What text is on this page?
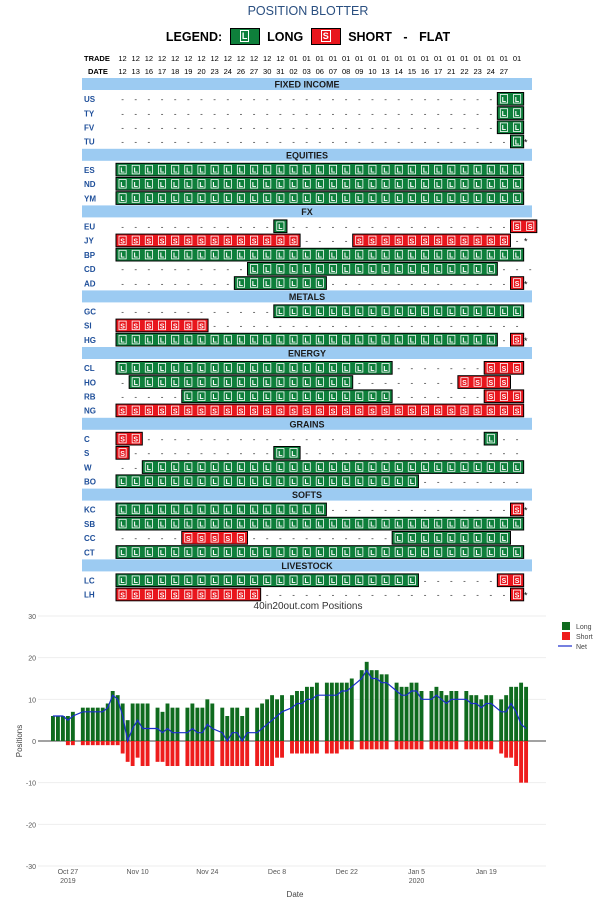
POSITION BLOTTER
LEGEND: L LONG S SHORT - FLAT
TRADE
DATE
12 12 12 12 12 12 12 12 12 12 12 12 12 01 01 01 01 01 01 01 01 01 01 01 01 01 01 01 01 01 01
12 13 16 17 18 19 20 23 24 26 27 30 31 02 03 06 07 08 09 10 13 14 15 16 17 21 22 23 24 27
FIXED INCOME
US	- - - - - - - - - - - - - - - - - - - - - - - - - - - - - L L
TY	- - - - - - - - - - - - - - - - - - - - - - - - - - - - - L L
FV	- - - - - - - - - - - - - - - - - - - - - - - - - - - - - L L
TU	- - - - - - - - - - - - - - - - - - - - - - - - - - - - - - L *
EQUITIES
ES	L L L L L L L L L L L L L L L L L L L L L L L L L L L L L L L
ND	L L L L L L L L L L L L L L L L L L L L L L L L L L L L L L L
YM	L L L L L L L L L L L L L L L L L L L L L L L L L L L L L L L
FX
EU	- - - - - - - - - - - - L - - - - - - - - - - - - - - - - - S S
JY	S S S S S S S S S S S S S S - - - - S S S S S S S S S S S S - *
BP	L L L L L L L L L L L L L L L L L L L L L L L L L L L L L L L
CD	- - - - - - - - - - L L L L L L L L L L L L L L L L L L L - - -
AD	- - - - - - - - - L L L L L L L - - - - - - - - - - - - - - S *
METALS
GC	- - - - - - - - - - - - L L L L L L L L L L L L L L L L L L L
SI	S S S S S S S - - - - - - - - - - - - - - - - - - - - - - - -
HG	L L L L L L L L L L L L L L L L L L L L L L L L L L L L L - S *
ENERGY
CL	L L L L L L L L L L L L L L L L L L L L L - - - - - - - S S S
HO	- L L L L L L L L L L L L L L L L L - - - - - - - - S S S S
RB	- - - - - L L L L L L L L L L L L L L L L - - - - - - - S S S
NG	S S S S S S S S S S S S S S S S S S S S S S S S S S S S S S S
GRAINS
C	S S - - - - - - - - - - - - - - - - - - - - - - - - - - L - -
S	S - - - - - - - - - - - L L - - - - - - - - - - - - - - - - -
W	- - L L L L L L L L L L L L L L L L L L L L L L L L L L L L L
BO	L L L L L L L L L L L L L L L L L L L L L L L - - - - - - - -
SOFTS
KC	L L L L L L L L L L L L L L L L - - - - - - - - - - - - - - S *
SB	L L L L L L L L L L L L L L L L L L L L L L L L L L L L L L L
CC	- - - - - S S S S S - - - - - - - - - - - L L L L L L L L L
CT	L L L L L L L L L L L L L L L L L L L L L L L L L L L L L L L
LIVESTOCK
LC	L L L L L L L L L L L L L L L L L L L L L L L - - - - - - S S
LH	S S S S S S S S S S S - - - - - - - - - - - - - - - - - - - S *
40in20out.com Positions
30
20
10
0
-10
-20
-30
Oct 27
2019
Nov 10	Nov 24	Dec 8	Dec 22	Jan 5
2020
Jan 19
Date
Positions
Long
Short
Net
